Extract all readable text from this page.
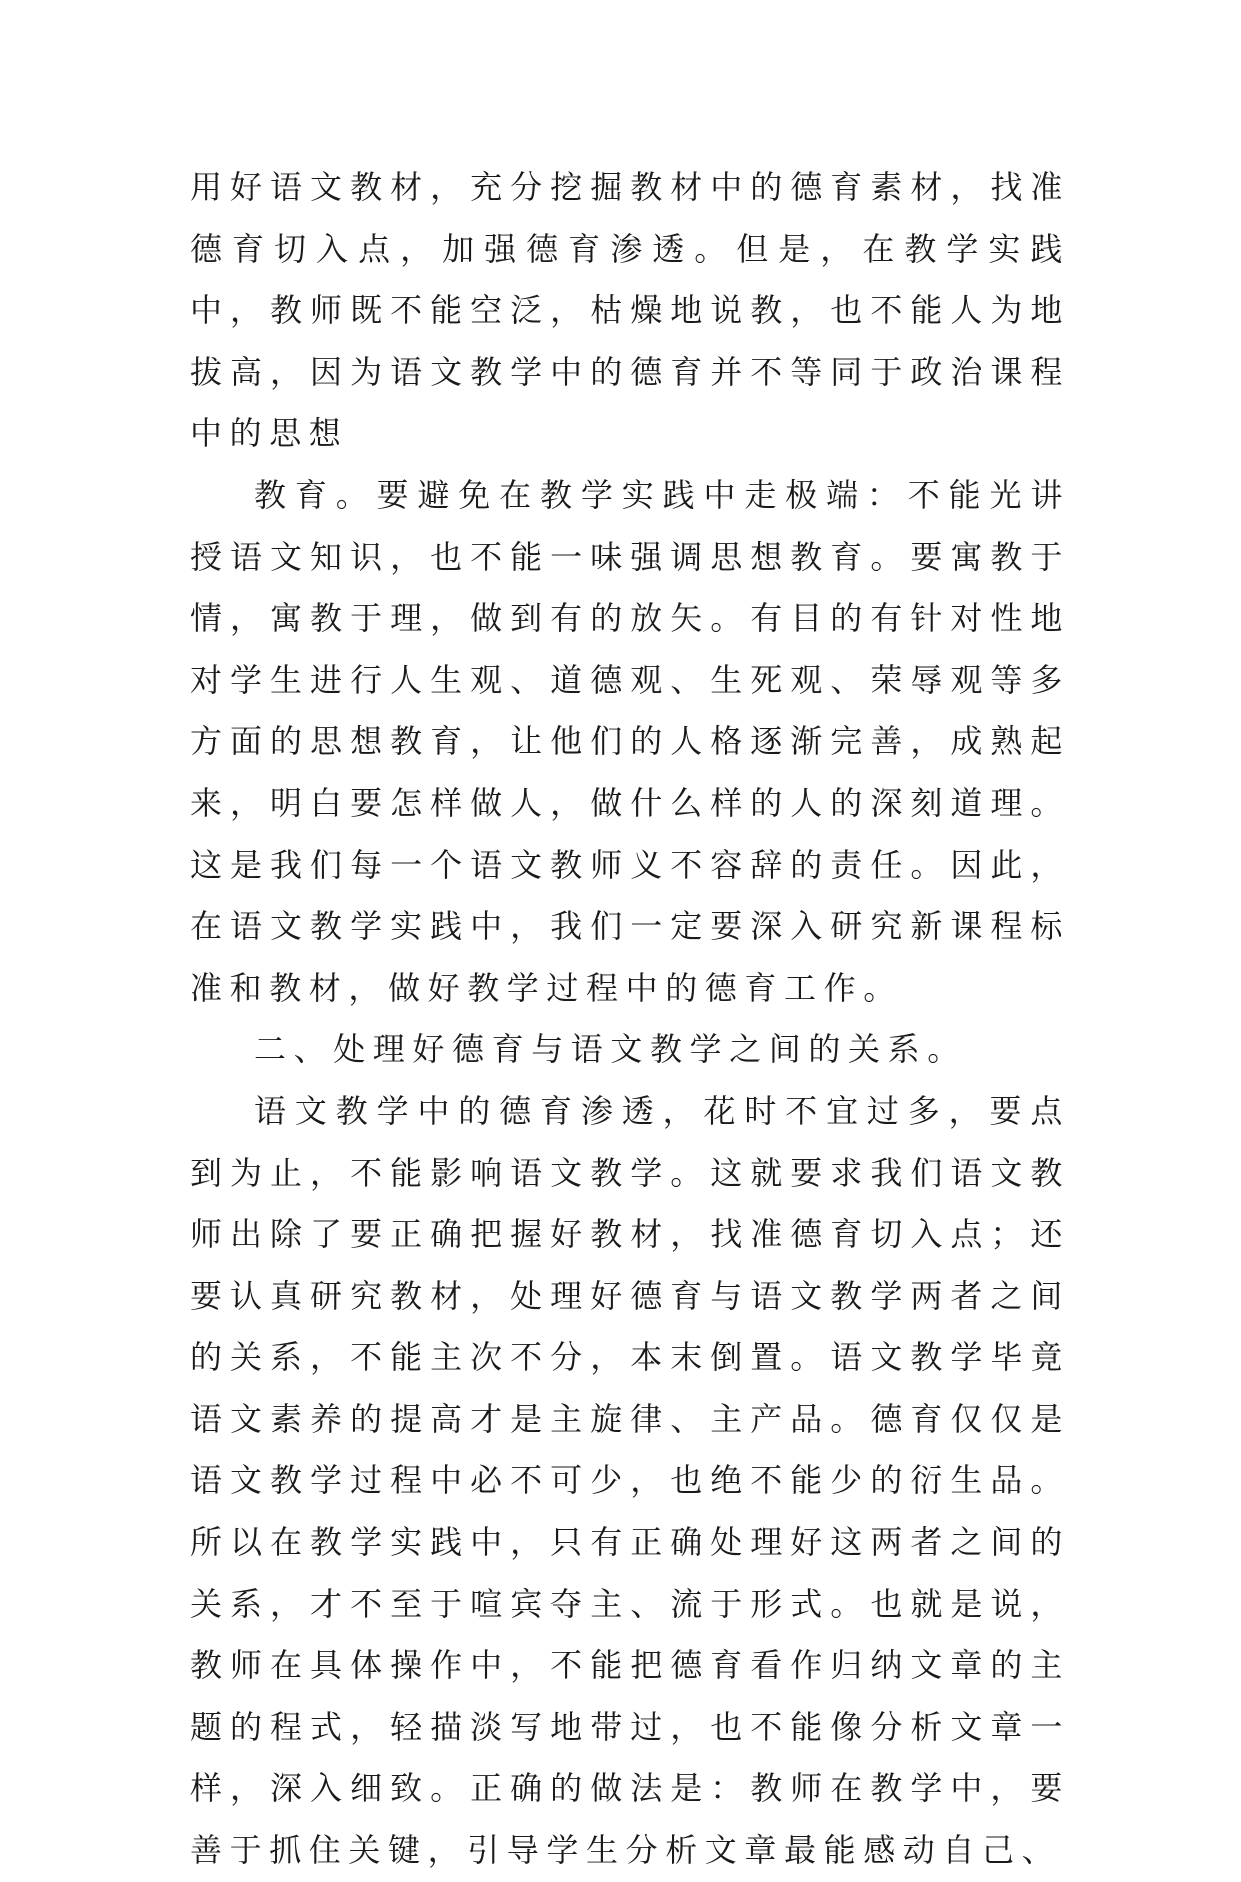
用好语文教材，充分挖掘教材中的德育素材，找准德育切入点，加强德育渗透。但是，在教学实践中，教师既不能空泛，枯燥地说教，也不能人为地拔高，因为语文教学中的德育并不等同于政治课程中的思想

教育。要避免在教学实践中走极端：不能光讲授语文知识，也不能一味强调思想教育。要寓教于情，寓教于理，做到有的放矢。有目的有针对性地对学生进行人生观、道德观、生死观、荣辱观等多方面的思想教育，让他们的人格逐渐完善，成熟起来，明白要怎样做人，做什么样的人的深刻道理。这是我们每一个语文教师义不容辞的责任。因此，在语文教学实践中，我们一定要深入研究新课程标准和教材，做好教学过程中的德育工作。

二、处理好德育与语文教学之间的关系。

语文教学中的德育渗透，花时不宜过多，要点到为止，不能影响语文教学。这就要求我们语文教师出除了要正确把握好教材，找准德育切入点；还要认真研究教材，处理好德育与语文教学两者之间的关系，不能主次不分，本末倒置。语文教学毕竟语文素养的提高才是主旋律、主产品。德育仅仅是语文教学过程中必不可少，也绝不能少的衍生品。所以在教学实践中，只有正确处理好这两者之间的关系，才不至于喧宾夺主、流于形式。也就是说，教师在具体操作中，不能把德育看作归纳文章的主题的程式，轻描淡写地带过，也不能像分析文章一样，深入细致。正确的做法是：教师在教学中，要善于抓住关键，引导学生分析文章最能感动自己、
